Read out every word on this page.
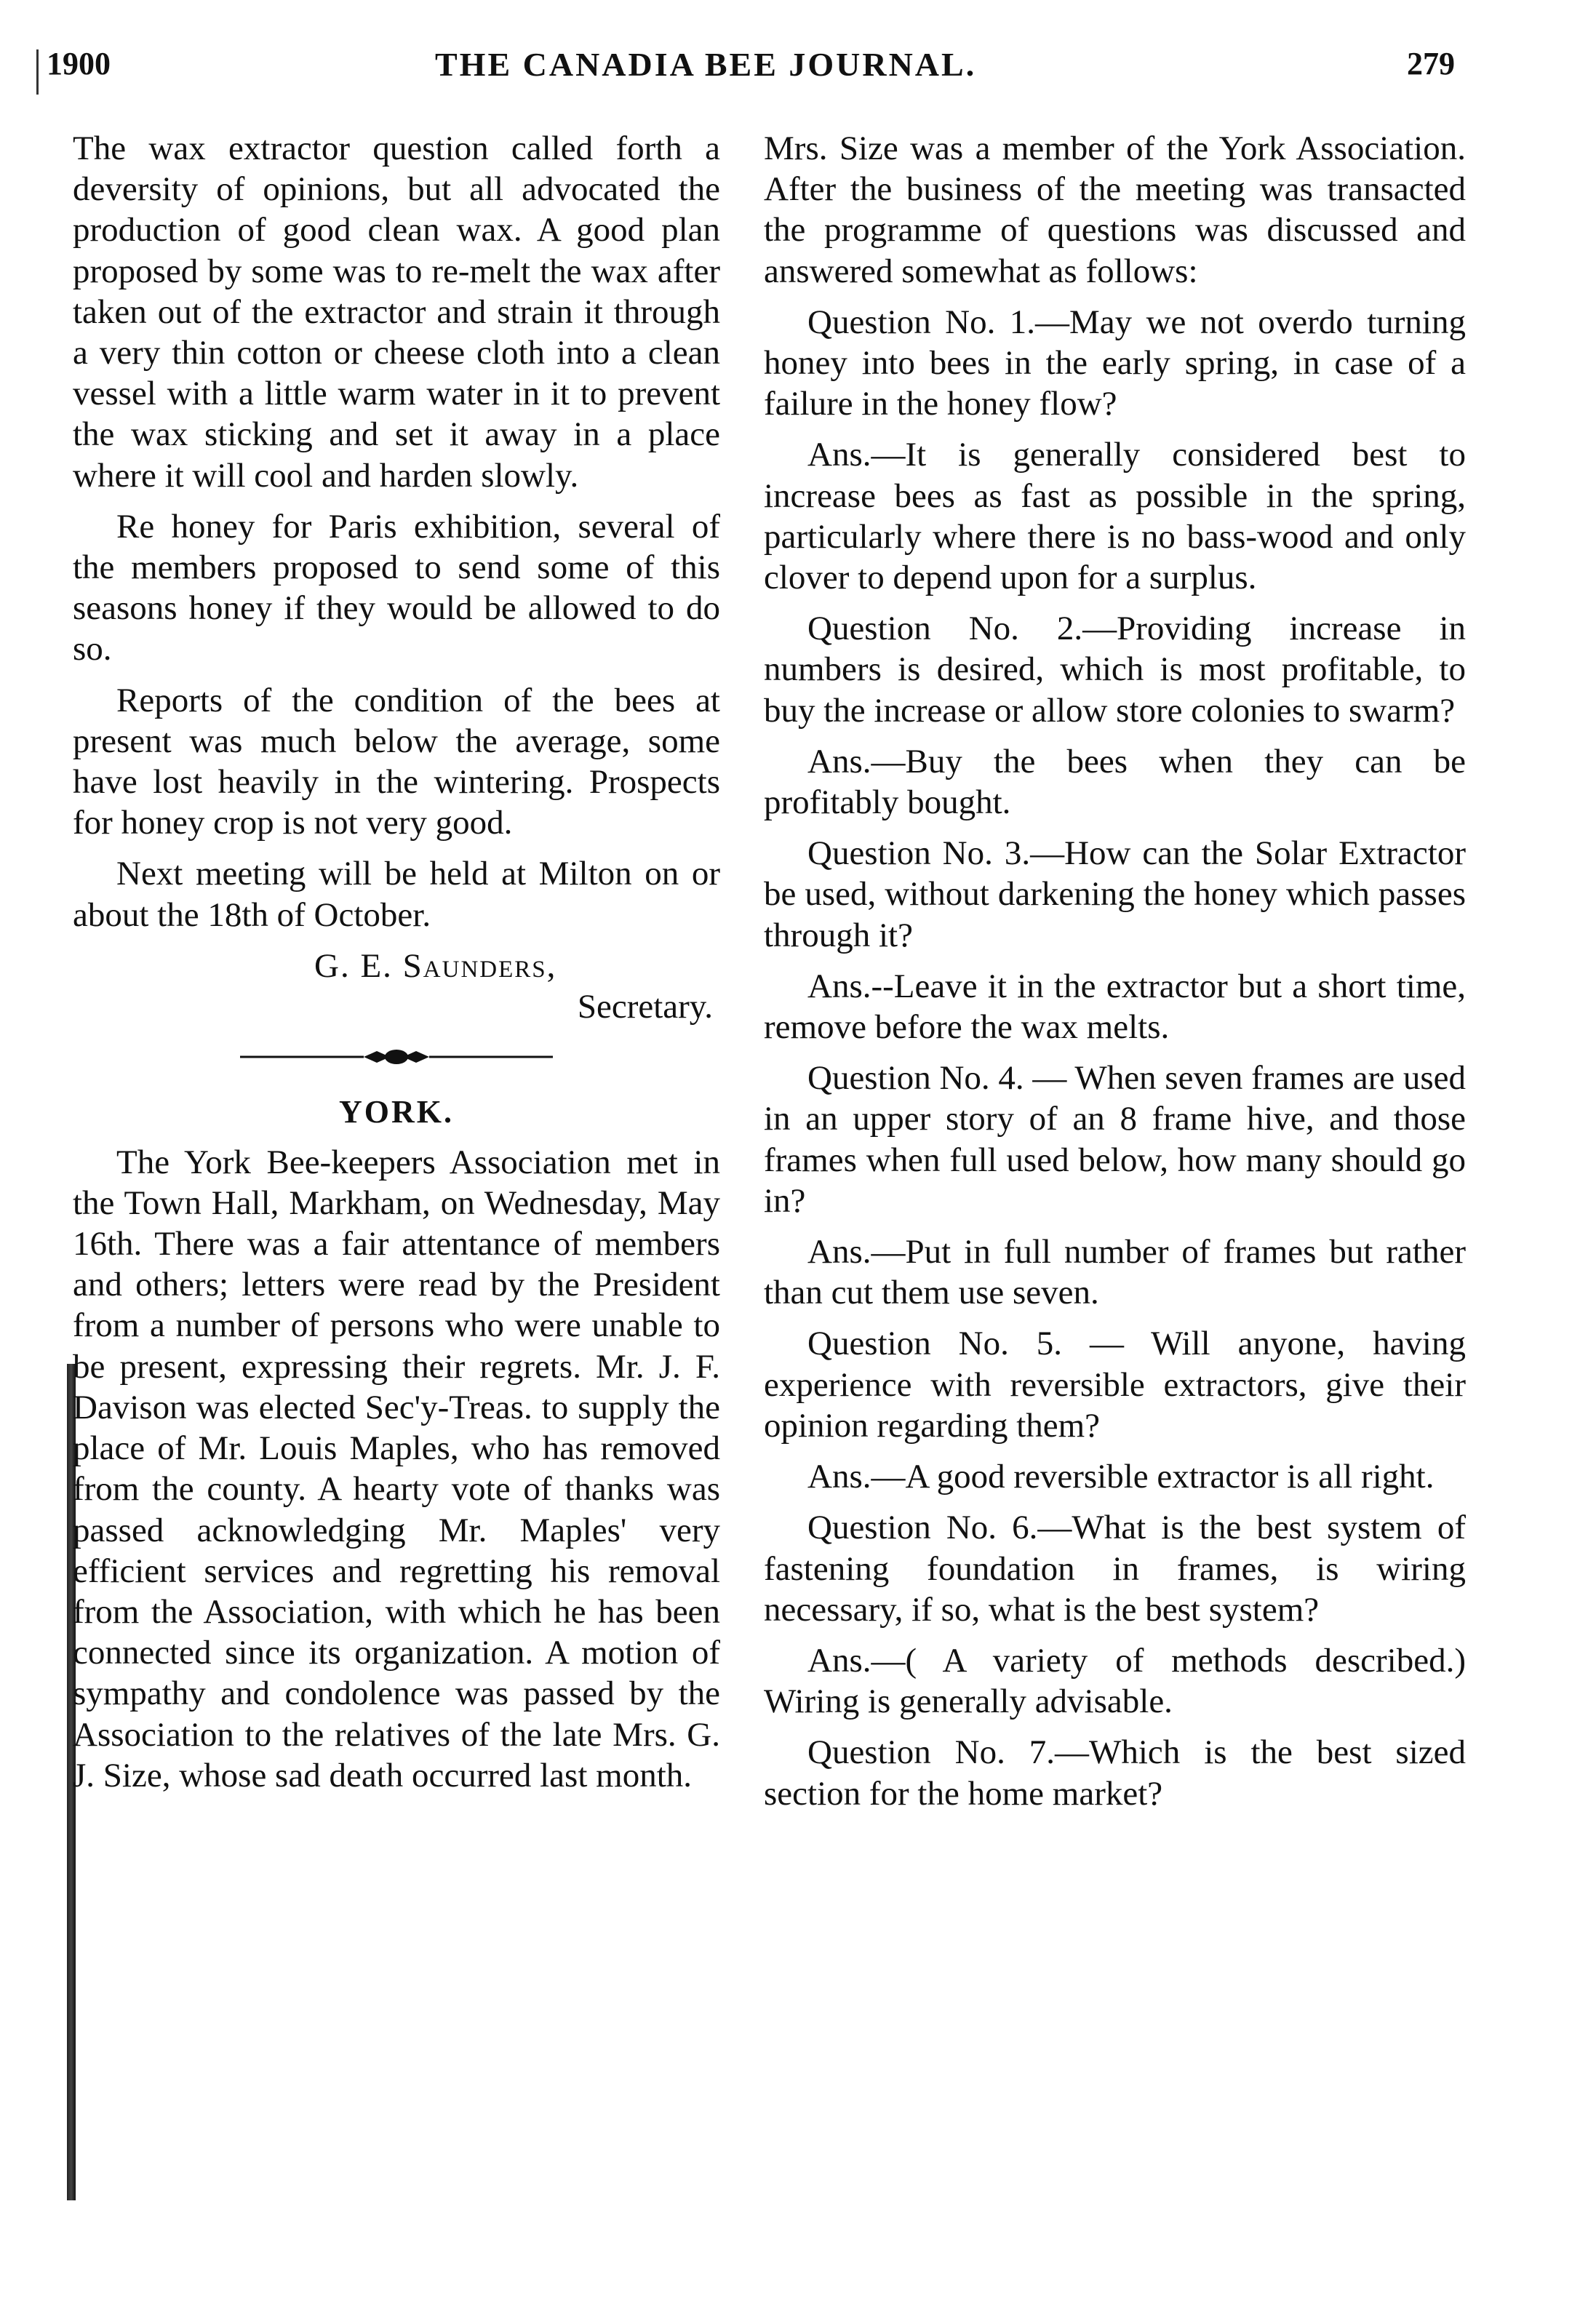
1900	THE CANADIA BEE JOURNAL.	279

The wax extractor question called forth a deversity of opinions, but all advocated the production of good clean wax. A good plan proposed by some was to re-melt the wax after taken out of the extractor and strain it through a very thin cotton or cheese cloth into a clean vessel with a little warm water in it to prevent the wax sticking and set it away in a place where it will cool and harden slowly.

Re honey for Paris exhibition, several of the members proposed to send some of this seasons honey if they would be allowed to do so.

Reports of the condition of the bees at present was much below the average, some have lost heavily in the wintering. Prospects for honey crop is not very good.

Next meeting will be held at Milton on or about the 18th of October.

G. E. Saunders,
Secretary.
YORK.

The York Bee-keepers Association met in the Town Hall, Markham, on Wednesday, May 16th. There was a fair attentance of members and others; letters were read by the President from a number of persons who were unable to be present, expressing their regrets. Mr. J. F. Davison was elected Sec'y-Treas. to supply the place of Mr. Louis Maples, who has removed from the county. A hearty vote of thanks was passed acknowledging Mr. Maples' very efficient services and regretting his removal from the Association, with which he has been connected since its organization. A motion of sympathy and condolence was passed by the Association to the relatives of the late Mrs. G. J. Size, whose sad death occurred last month.

Mrs. Size was a member of the York Association. After the business of the meeting was transacted the programme of questions was discussed and answered somewhat as follows:

Question No. 1.—May we not overdo turning honey into bees in the early spring, in case of a failure in the honey flow?

Ans.—It is generally considered best to increase bees as fast as possible in the spring, particularly where there is no bass-wood and only clover to depend upon for a surplus.

Question No. 2.—Providing increase in numbers is desired, which is most profitable, to buy the increase or allow store colonies to swarm?

Ans.—Buy the bees when they can be profitably bought.

Question No. 3.—How can the Solar Extractor be used, without darkening the honey which passes through it?

Ans.--Leave it in the extractor but a short time, remove before the wax melts.

Question No. 4. — When seven frames are used in an upper story of an 8 frame hive, and those frames when full used below, how many should go in?

Ans.—Put in full number of frames but rather than cut them use seven.

Question No. 5. — Will anyone, having experience with reversible extractors, give their opinion regarding them?

Ans.—A good reversible extractor is all right.

Question No. 6.—What is the best system of fastening foundation in frames, is wiring necessary, if so, what is the best system?

Ans.—( A variety of methods described.) Wiring is generally advisable.

Question No. 7.—Which is the best sized section for the home market?
